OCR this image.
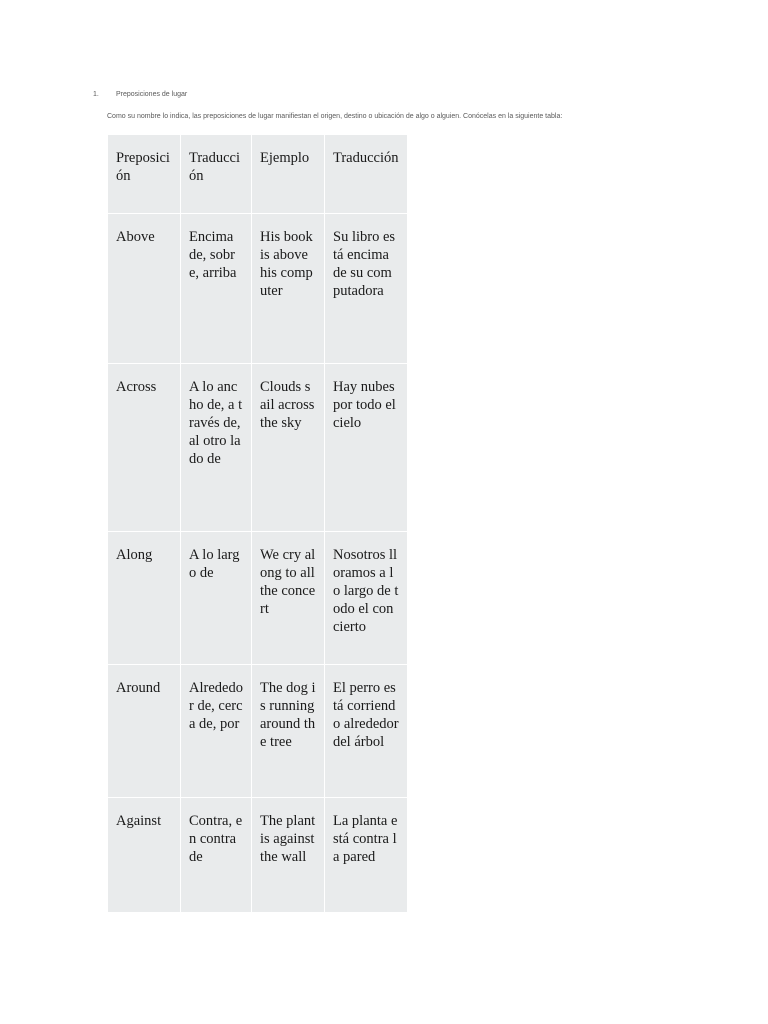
1. Preposiciones de lugar
Como su nombre lo indica, las preposiciones de lugar manifiestan el origen, destino o ubicación de algo o alguien. Conócelas en la siguiente tabla:
Preposición	Traducción	Ejemplo	Traducción
Above	Encima de, sobre, arriba	His book is above his computer	Su libro está encima de su computadora
Across	A lo ancho de, a través de, al otro lado de	Clouds sail across the sky	Hay nubes por todo el cielo
Along	A lo largo de	We cry along to all the concert	Nosotros lloramos a lo largo de todo el concierto
Around	Alrededor de, cerca de, por	The dog is running around the tree	El perro está corriendo alrededor del árbol
Against	Contra, en contra de	The plant is against the wall	La planta está contra la pared
